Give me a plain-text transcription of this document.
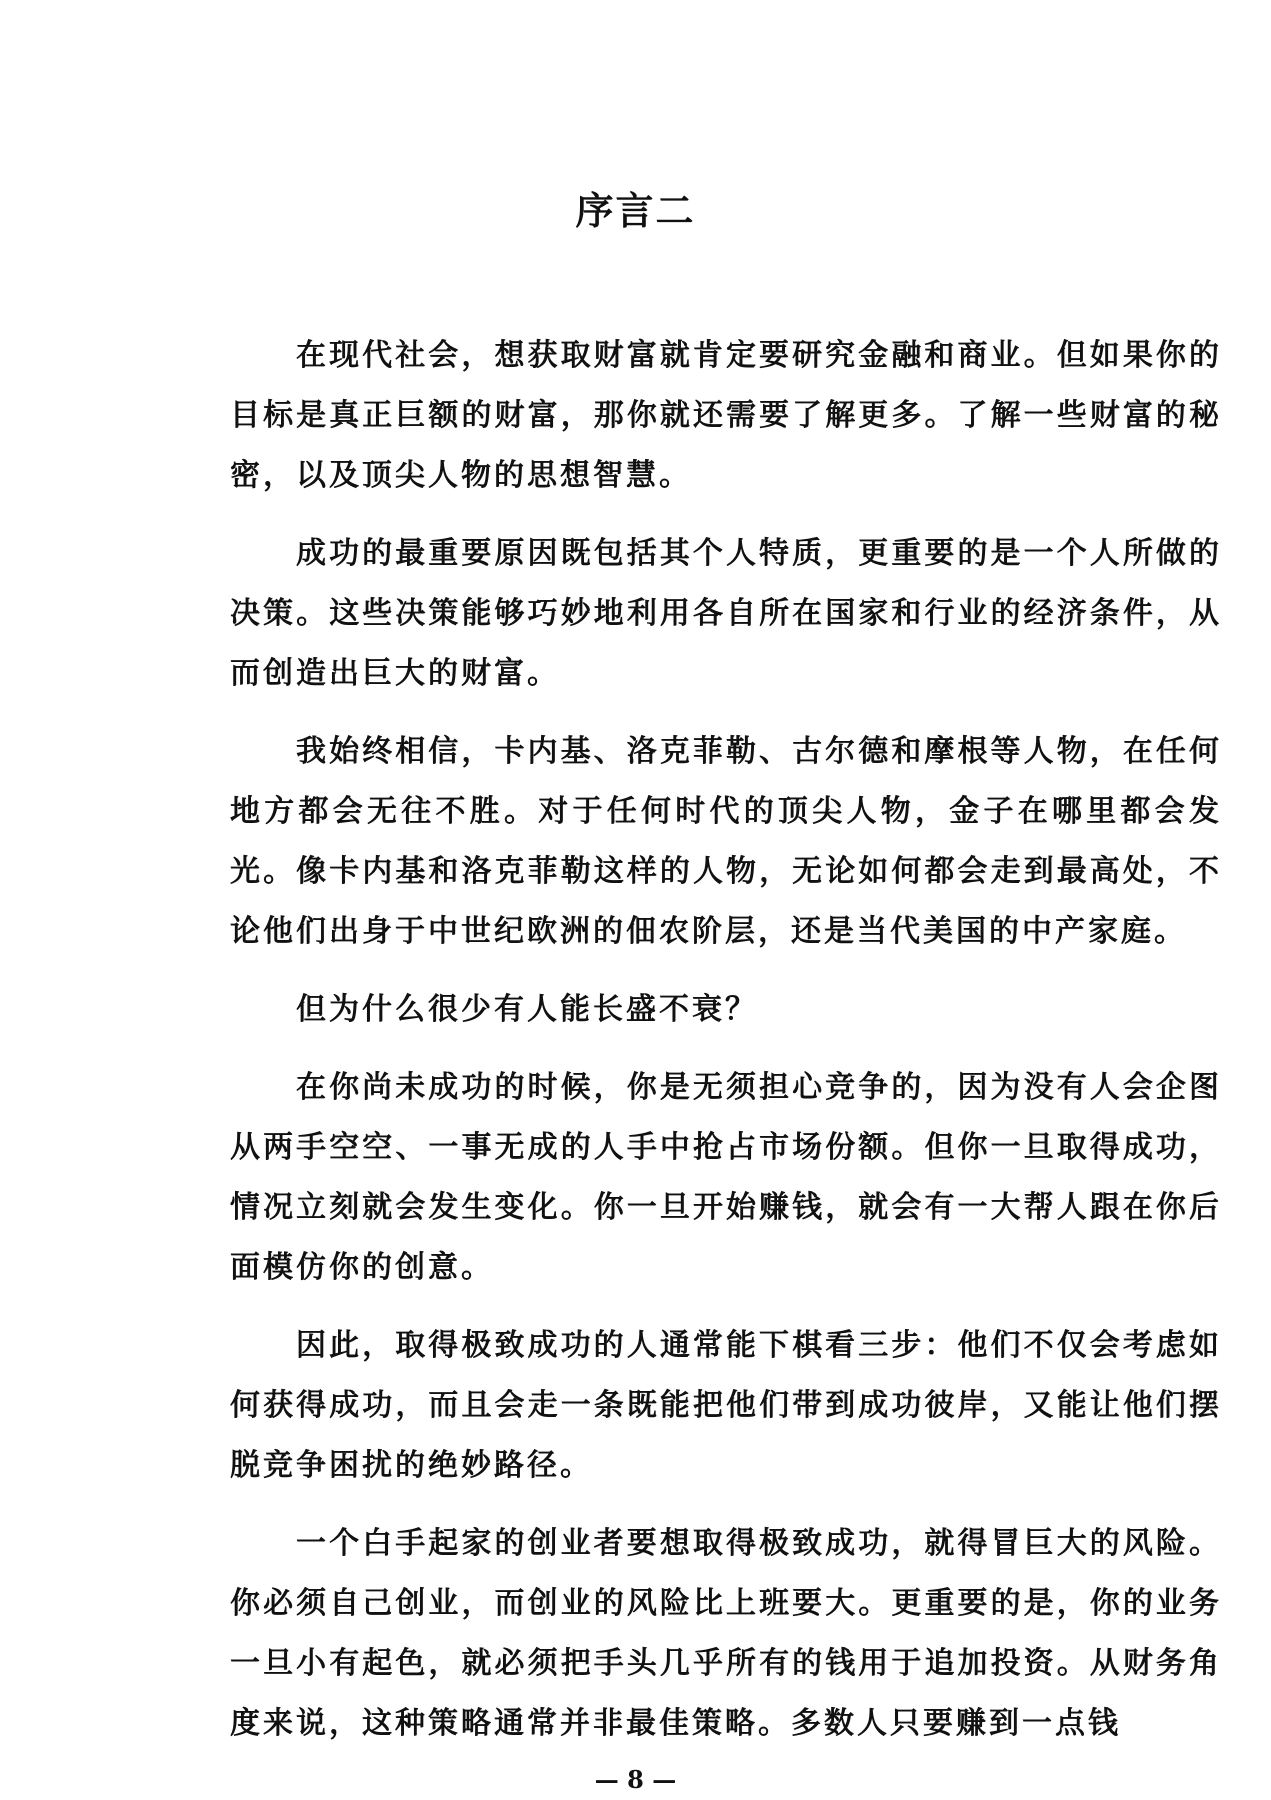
序言二

在现代社会，想获取财富就肯定要研究金融和商业。但如果你的目标是真正巨额的财富，那你就还需要了解更多。了解一些财富的秘密，以及顶尖人物的思想智慧。

成功的最重要原因既包括其个人特质，更重要的是一个人所做的决策。这些决策能够巧妙地利用各自所在国家和行业的经济条件，从而创造出巨大的财富。

我始终相信，卡内基、洛克菲勒、古尔德和摩根等人物，在任何地方都会无往不胜。对于任何时代的顶尖人物，金子在哪里都会发光。像卡内基和洛克菲勒这样的人物，无论如何都会走到最高处，不论他们出身于中世纪欧洲的佃农阶层，还是当代美国的中产家庭。

但为什么很少有人能长盛不衰？

在你尚未成功的时候，你是无须担心竞争的，因为没有人会企图从两手空空、一事无成的人手中抢占市场份额。但你一旦取得成功，情况立刻就会发生变化。你一旦开始赚钱，就会有一大帮人跟在你后面模仿你的创意。

因此，取得极致成功的人通常能下棋看三步：他们不仅会考虑如何获得成功，而且会走一条既能把他们带到成功彼岸，又能让他们摆脱竞争困扰的绝妙路径。

一个白手起家的创业者要想取得极致成功，就得冒巨大的风险。你必须自己创业，而创业的风险比上班要大。更重要的是，你的业务一旦小有起色，就必须把手头几乎所有的钱用于追加投资。从财务角度来说，这种策略通常并非最佳策略。多数人只要赚到一点钱

— 8 —
